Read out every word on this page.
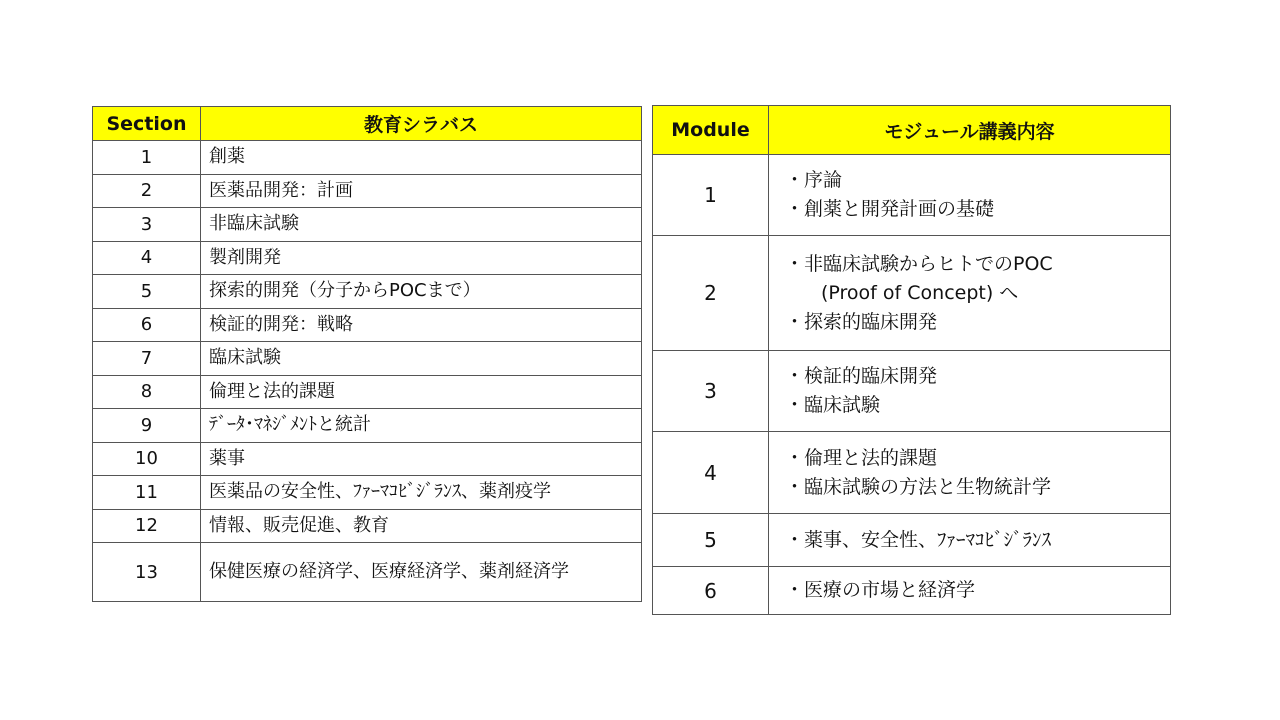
Section	教育シラバス
1	創薬
2	医薬品開発：計画
3	非臨床試験
4	製剤開発
5	探索的開発（分子からPOCまで）
6	検証的開発：戦略
7	臨床試験
8	倫理と法的課題
9	ﾃﾞｰﾀ･ﾏﾈｼﾞﾒﾝﾄと統計
10	薬事
11	医薬品の安全性、ﾌｧｰﾏｺﾋﾞｼﾞﾗﾝｽ、薬剤疫学
12	情報、販売促進、教育
13	保健医療の経済学、医療経済学、薬剤経済学
Module	モジュール講義内容
1	・序論
・創薬と開発計画の基礎

2	・非臨床試験からヒトでのPOC
(Proof of Concept) へ
・探索的臨床開発

3	・検証的臨床開発
・臨床試験

4	・倫理と法的課題
・臨床試験の方法と生物統計学

5	・薬事、安全性、ﾌｧｰﾏｺﾋﾞｼﾞﾗﾝｽ

6	・医療の市場と経済学
